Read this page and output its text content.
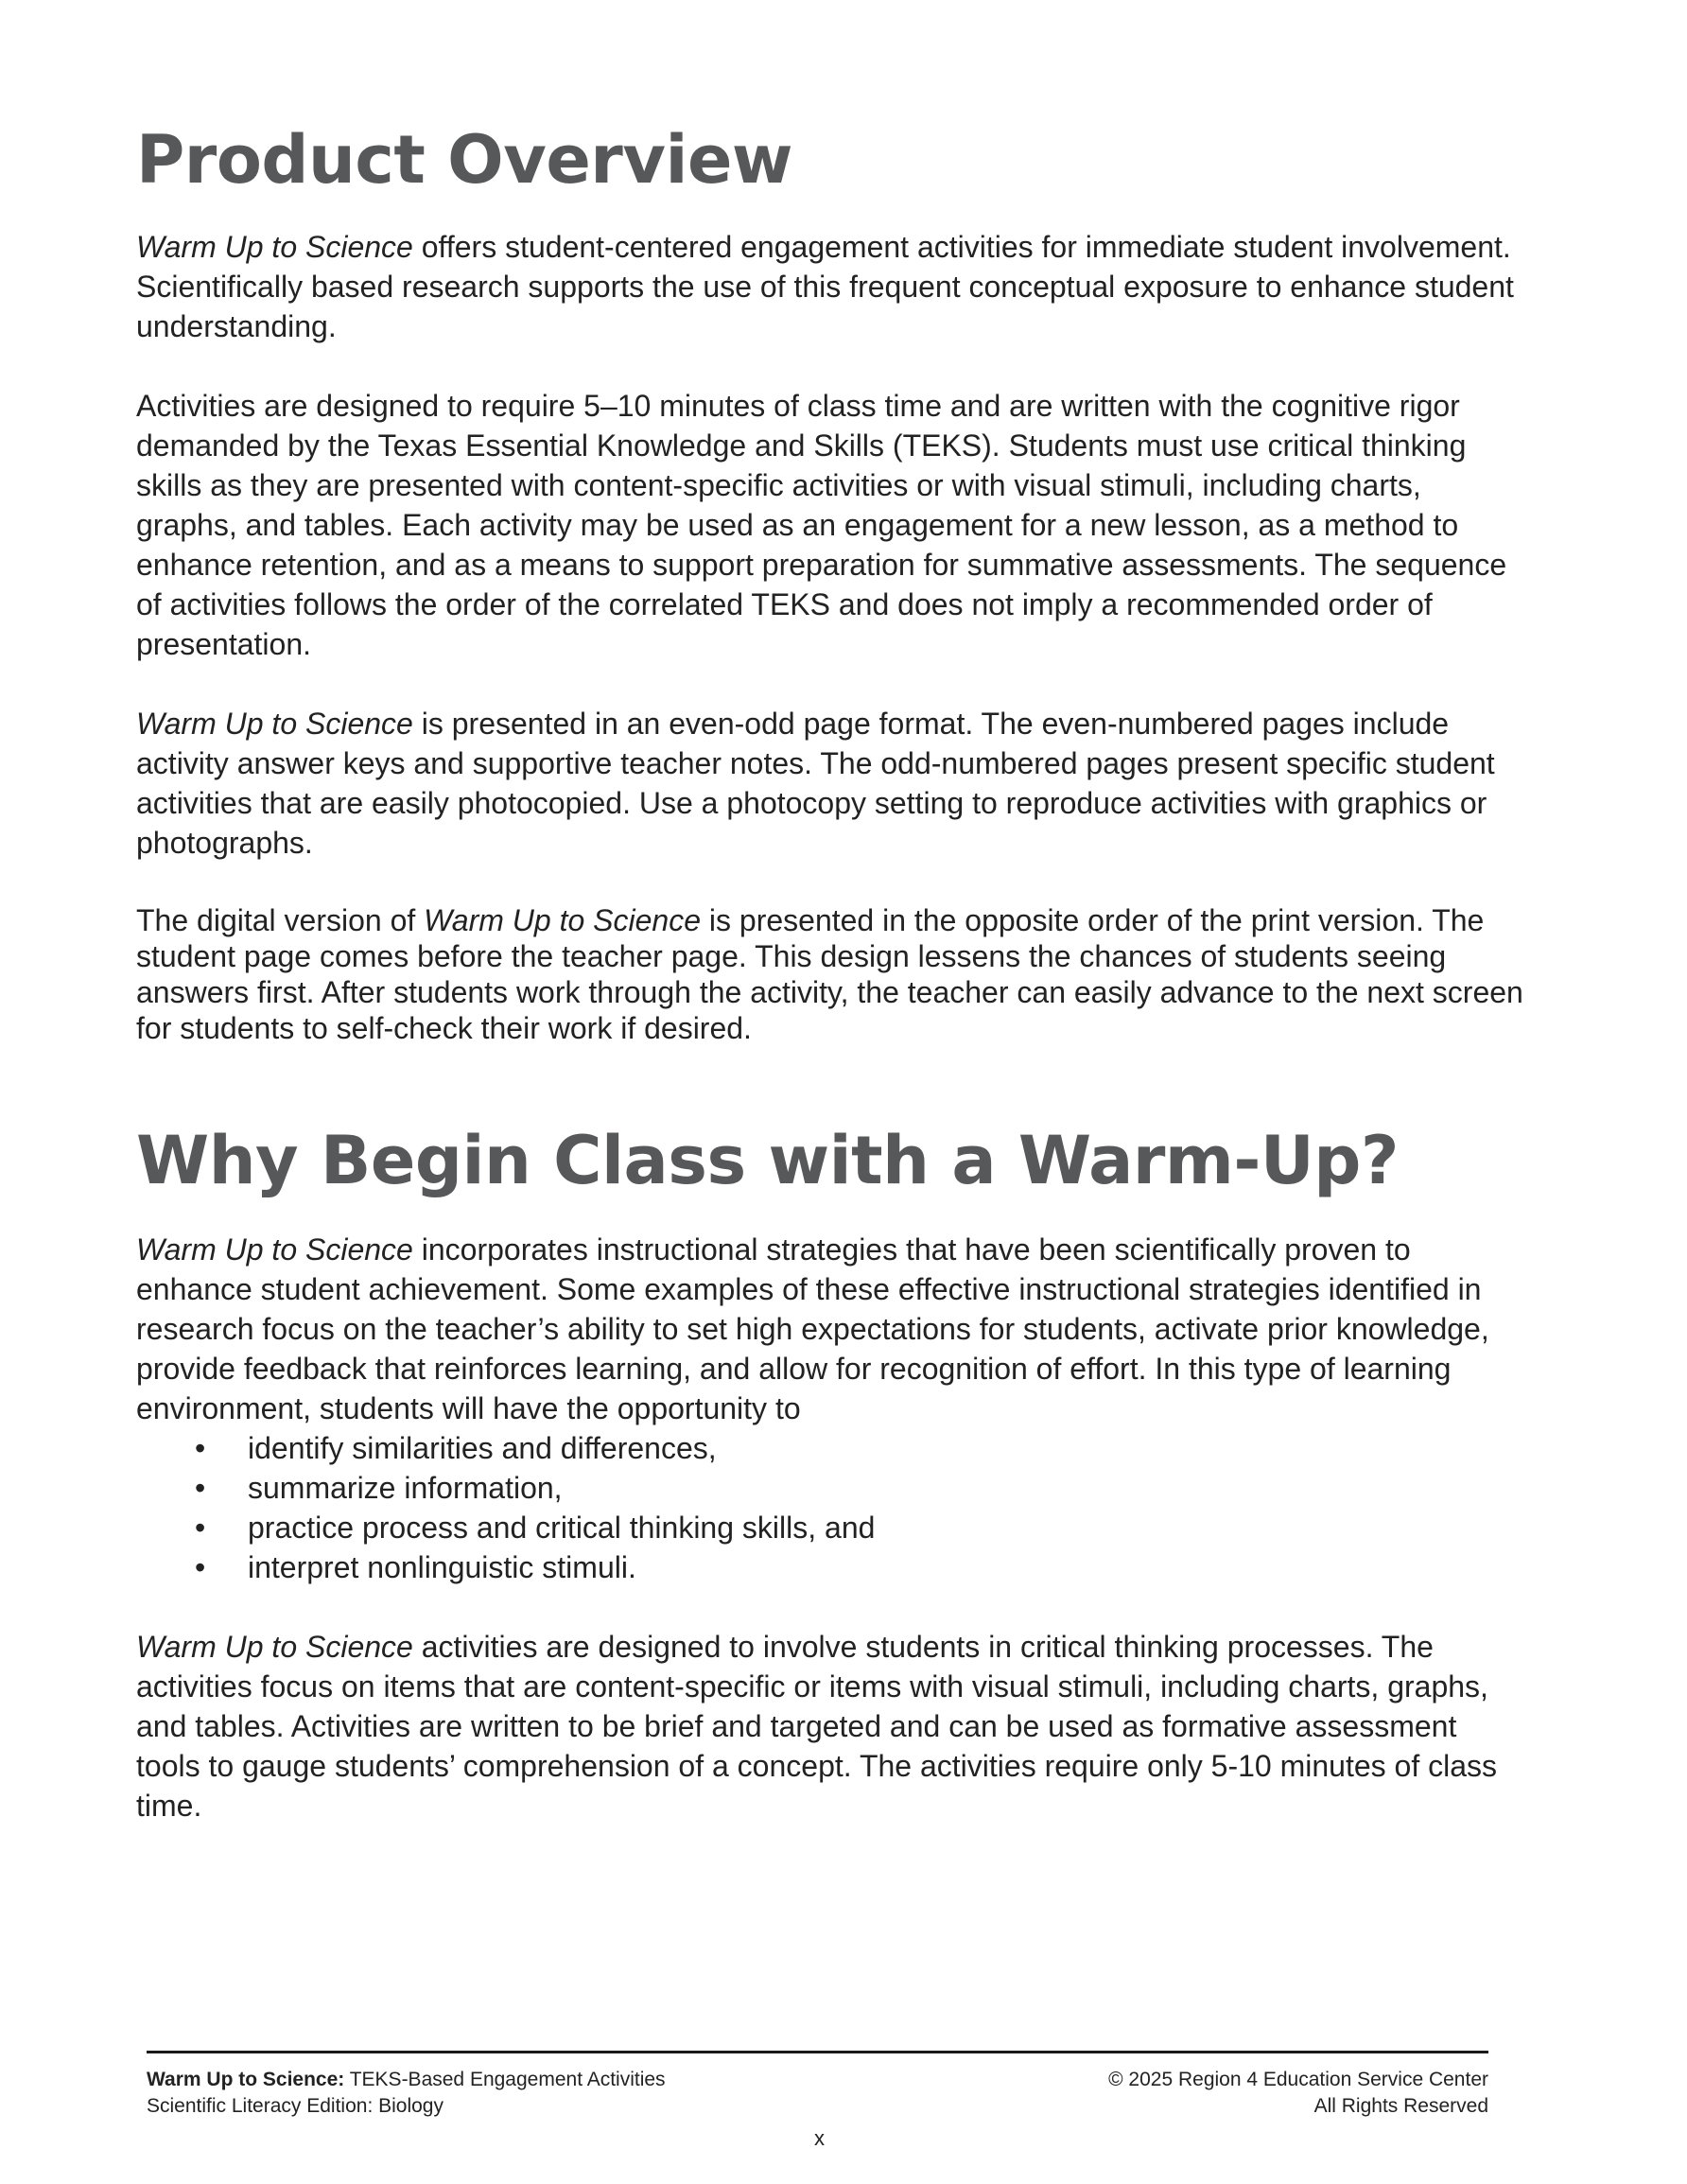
Product Overview

Warm Up to Science offers student-centered engagement activities for immediate student involvement. Scientifically based research supports the use of this frequent conceptual exposure to enhance student understanding.

Activities are designed to require 5–10 minutes of class time and are written with the cognitive rigor demanded by the Texas Essential Knowledge and Skills (TEKS). Students must use critical thinking skills as they are presented with content-specific activities or with visual stimuli, including charts, graphs, and tables. Each activity may be used as an engagement for a new lesson, as a method to enhance retention, and as a means to support preparation for summative assessments. The sequence of activities follows the order of the correlated TEKS and does not imply a recommended order of presentation.

Warm Up to Science is presented in an even-odd page format. The even-numbered pages include activity answer keys and supportive teacher notes. The odd-numbered pages present specific student activities that are easily photocopied. Use a photocopy setting to reproduce activities with graphics or photographs.

The digital version of Warm Up to Science is presented in the opposite order of the print version. The student page comes before the teacher page. This design lessens the chances of students seeing answers first. After students work through the activity, the teacher can easily advance to the next screen for students to self-check their work if desired.

Why Begin Class with a Warm-Up?

Warm Up to Science incorporates instructional strategies that have been scientifically proven to enhance student achievement. Some examples of these effective instructional strategies identified in research focus on the teacher’s ability to set high expectations for students, activate prior knowledge, provide feedback that reinforces learning, and allow for recognition of effort. In this type of learning environment, students will have the opportunity to

• identify similarities and differences,
• summarize information,
• practice process and critical thinking skills, and
• interpret nonlinguistic stimuli.

Warm Up to Science activities are designed to involve students in critical thinking processes. The activities focus on items that are content-specific or items with visual stimuli, including charts, graphs, and tables. Activities are written to be brief and targeted and can be used as formative assessment tools to gauge students’ comprehension of a concept. The activities require only 5-10 minutes of class time.

Warm Up to Science: TEKS-Based Engagement Activities
Scientific Literacy Edition: Biology
© 2025 Region 4 Education Service Center
All Rights Reserved
x
